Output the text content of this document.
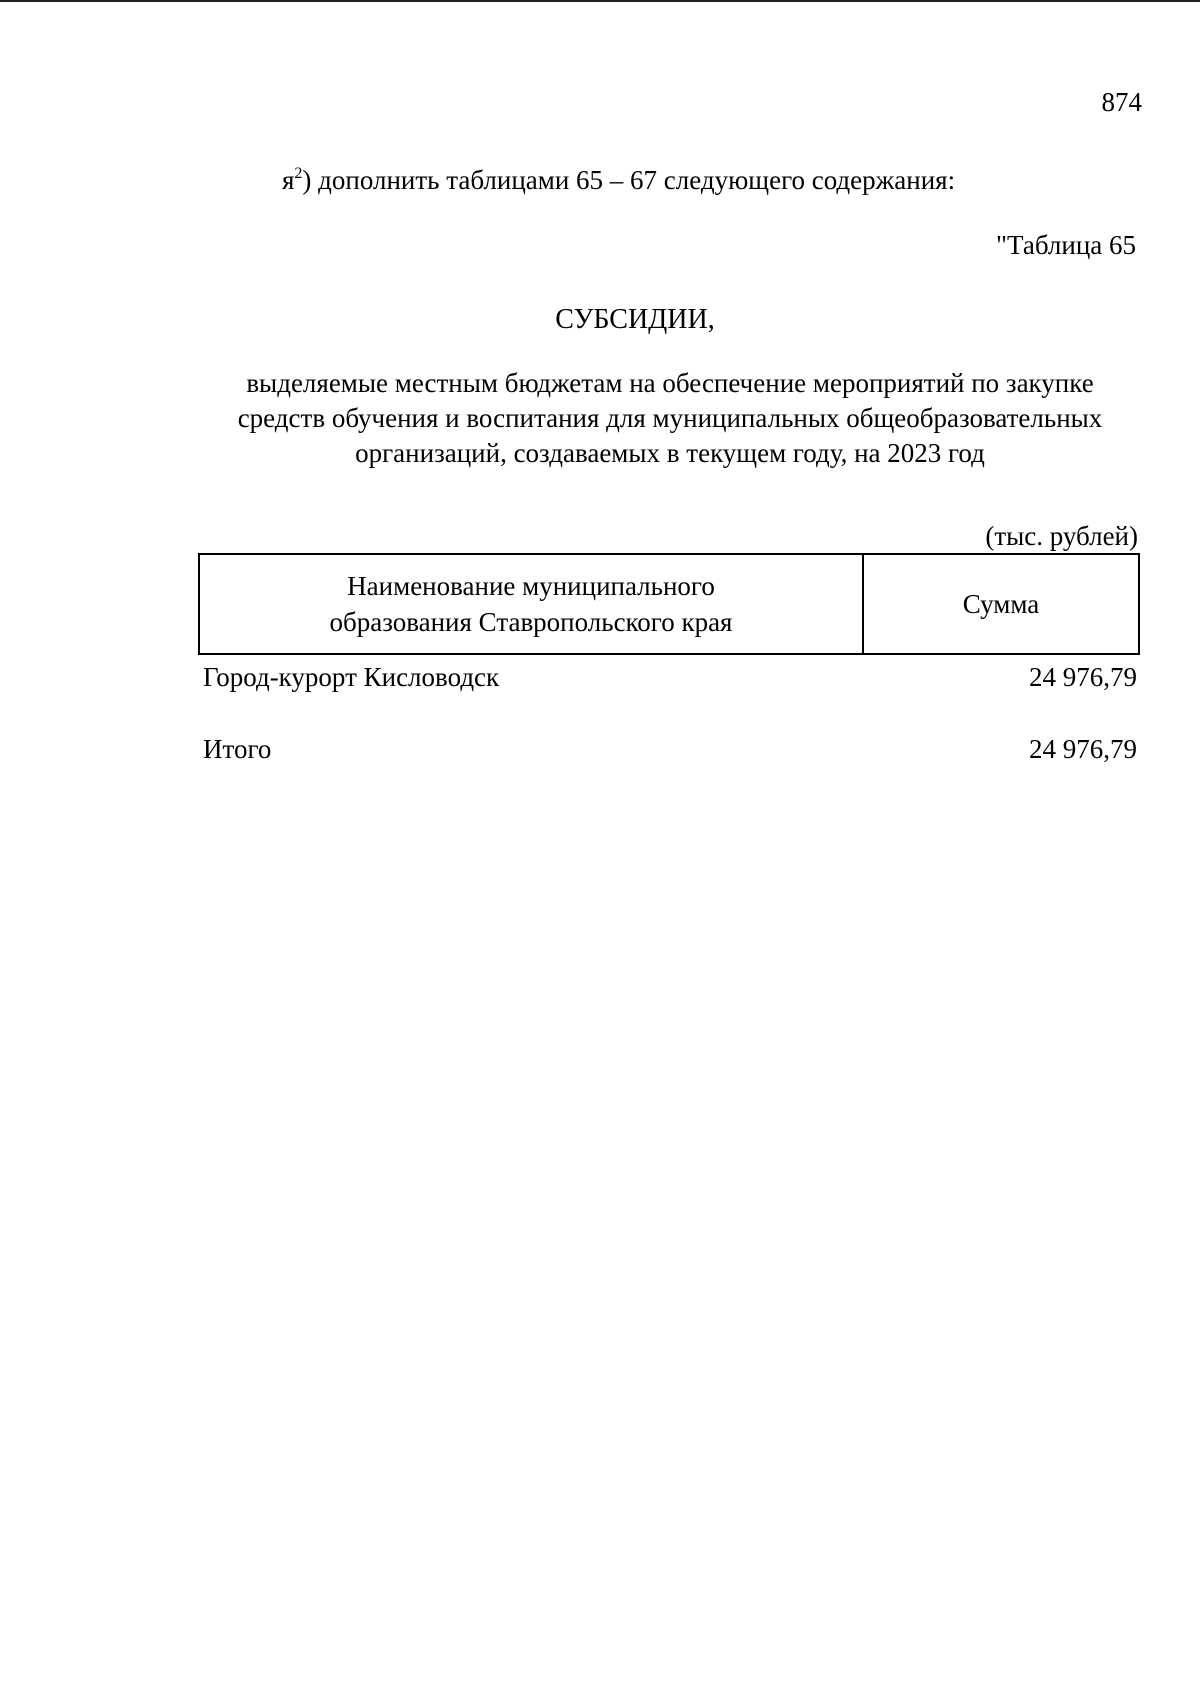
874
$я^2$) дополнить таблицами 65 – 67 следующего содержания:
"Таблица 65
СУБСИДИИ,
выделяемые местным бюджетам на обеспечение мероприятий по закупке
средств обучения и воспитания для муниципальных общеобразовательных
организаций, создаваемых в текущем году, на 2023 год
(тыс. рублей)
Наименование муниципального
образования Ставропольского края
Сумма
Город-курорт Кисловодск	24 976,79
Итого	24 976,79
